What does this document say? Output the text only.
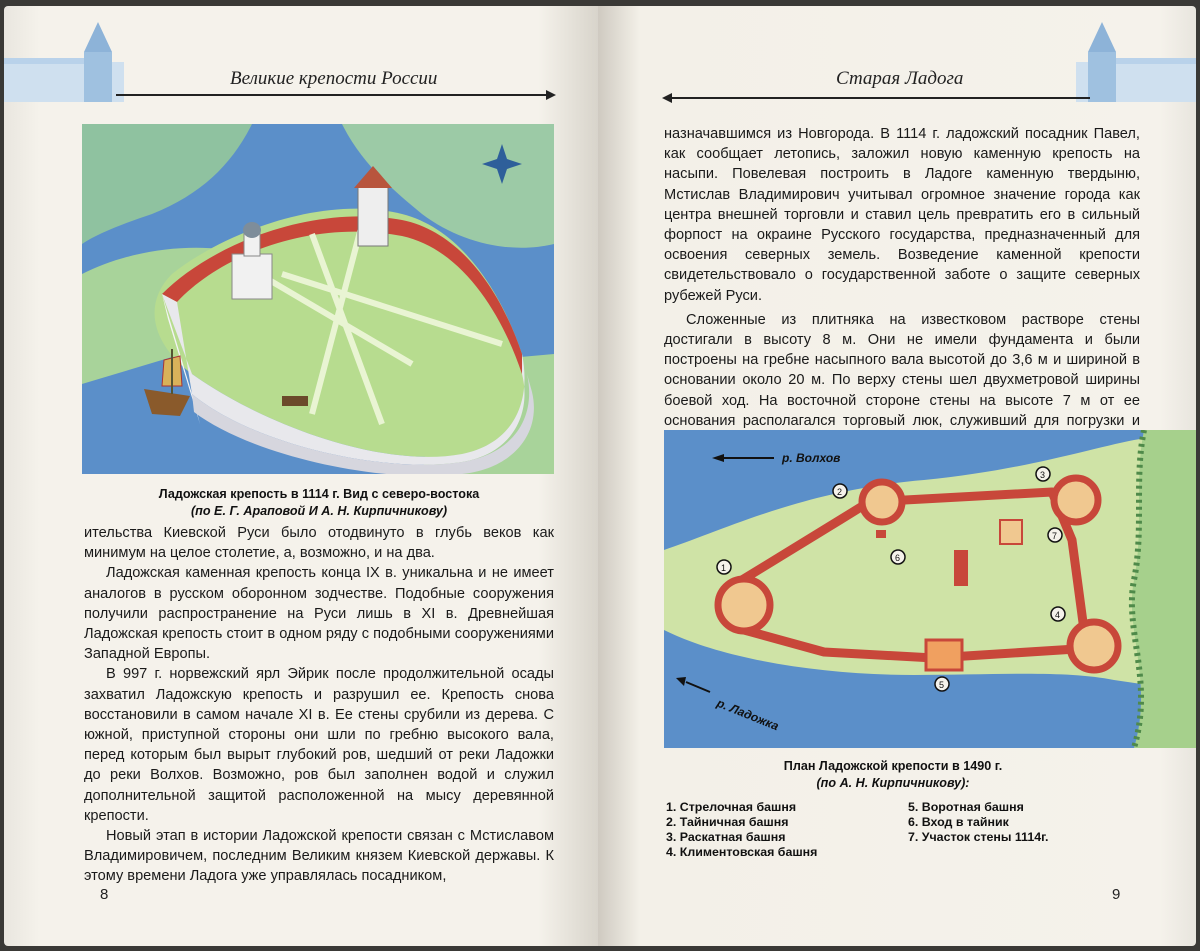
Великие крепости России
Ладожская крепость в 1114 г. Вид с северо-востока
(по Е. Г. Араповой И А. Н. Кирпичникову)

ительства Киевской Руси было отодвинуто в глубь веков как минимум на целое столетие, а, возможно, и на два.

Ладожская каменная крепость конца IX в. уникальна и не имеет аналогов в русском оборонном зодчестве. Подобные сооружения получили распространение на Руси лишь в XI в. Древнейшая Ладожская крепость стоит в одном ряду с подобными сооружениями Западной Европы.

В 997 г. норвежский ярл Эйрик после продолжительной осады захватил Ладожскую крепость и разрушил ее. Крепость снова восстановили в самом начале XI в. Ее стены срубили из дерева. С южной, приступной стороны они шли по гребню высокого вала, перед которым был вырыт глубокий ров, шедший от реки Ладожки до реки Волхов. Возможно, ров был заполнен водой и служил дополнительной защитой расположенной на мысу деревянной крепости.

Новый этап в истории Ладожской крепости связан с Мстиславом Владимировичем, последним Великим князем Киевской державы. К этому времени Ладога уже управлялась посадником,

8
Старая Ладога

назначавшимся из Новгорода. В 1114 г. ладожский посадник Павел, как сообщает летопись, заложил новую каменную крепость на насыпи. Повелевая построить в Ладоге каменную твердыню, Мстислав Владимирович учитывал огромное значение города как центра внешней торговли и ставил цель превратить его в сильный форпост на окраине Русского государства, предназначенный для освоения северных земель. Возведение каменной крепости свидетельствовало о государственной заботе о защите северных рубежей Руси.

Сложенные из плитняка на известковом растворе стены достигали в высоту 8 м. Они не имели фундамента и были построены на гребне насыпного вала высотой до 3,6 м и шириной в основании около 20 м. По верху стены шел двухметровой ширины боевой ход. На восточной стороне стены на высоте 7 м от ее основания располагался торговый люк, служивший для погрузки и

р. Волхов
р. Ладожка
1
2
3
4
5
6
7
План Ладожской крепости в 1490 г.
(по А. Н. Кирпичникову):
1. Стрелочная башня
2. Тайничная башня
3. Раскатная башня
4. Климентовская башня
5. Воротная башня
6. Вход в тайник
7. Участок стены 1114г.
9
